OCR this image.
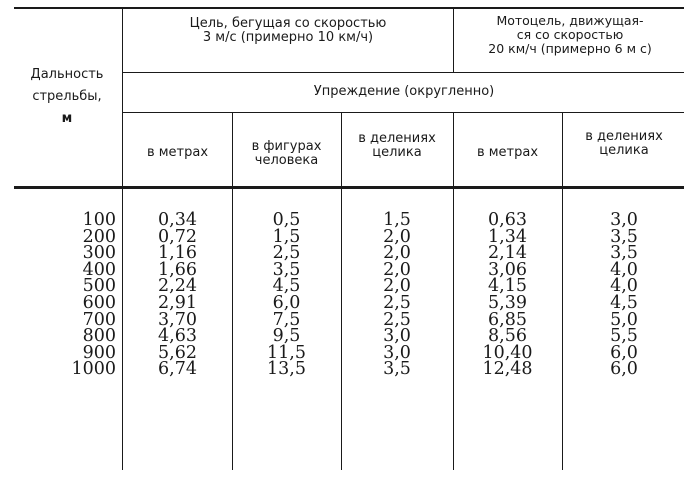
Дальность
стрельбы,
м
Цель, бегущая со скоростью
3 м/с (примерно 10 км/ч)
Мотоцель, движущая-
ся со скоростью
20 км/ч (примерно 6 м с)
Упреждение (округленно)
в метрах	в фигурах
человека
в делениях
целика	в метрах
в делениях
целика
100
200
300
400
500
600
700
800
900
1000
0,34
0,72
1,16
1,66
2,24
2,91
3,70
4,63
5,62
6,74
0,5
1,5
2,5
3,5
4,5
6,0
7,5
9,5
11,5
13,5
1,5
2,0
2,0
2,0
2,0
2,5
2,5
3,0
3,0
3,5
0,63
1,34
2,14
3,06
4,15
5,39
6,85
8,56
10,40
12,48
3,0
3,5
3,5
4,0
4,0
4,5
5,0
5,5
6,0
6,0
